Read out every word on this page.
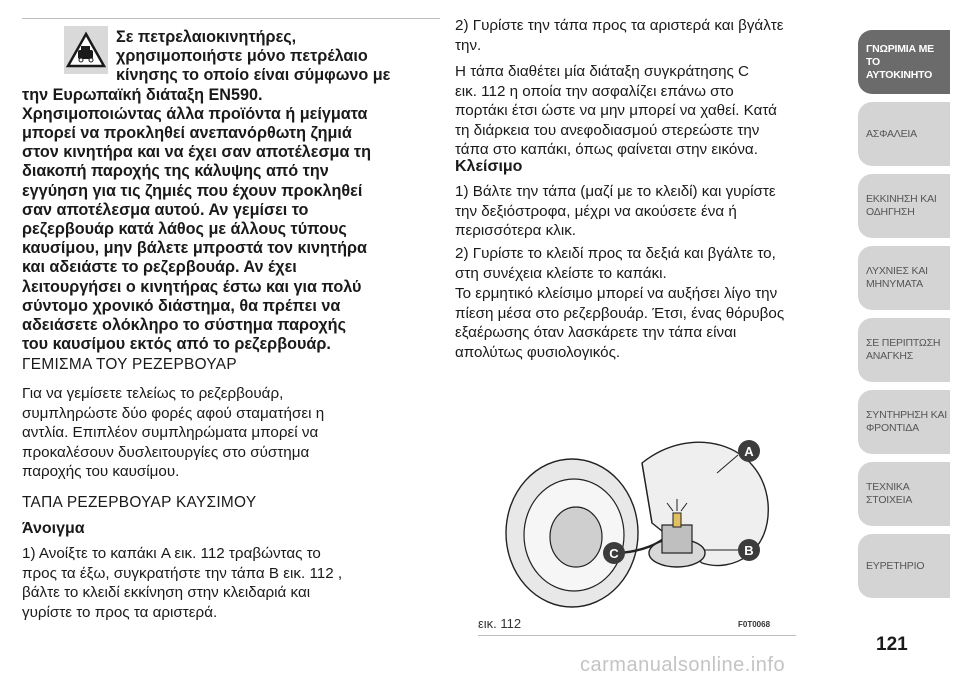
Σε πετρελαιοκινητήρες,
χρησιμοποιήστε μόνο πετρέλαιο
κίνησης το οποίο είναι σύμφωνο με
την Ευρωπαϊκή διάταξη EN590.
Χρησιμοποιώντας άλλα προϊόντα ή μείγματα
μπορεί να προκληθεί ανεπανόρθωτη ζημιά
στον κινητήρα και να έχει σαν αποτέλεσμα τη
διακοπή παροχής της κάλυψης από την
εγγύηση για τις ζημιές που έχουν προκληθεί
σαν αποτέλεσμα αυτού. Αν γεμίσει το
ρεζερβουάρ κατά λάθος με άλλους τύπους
καυσίμου, μην βάλετε μπροστά τον κινητήρα
και αδειάστε το ρεζερβουάρ. Αν έχει
λειτουργήσει ο κινητήρας έστω και για πολύ
σύντομο χρονικό διάστημα, θα πρέπει να
αδειάσετε ολόκληρο το σύστημα παροχής
του καυσίμου εκτός από το ρεζερβουάρ.
ΓΕΜΙΣΜΑ ΤΟΥ ΡΕΖΕΡΒΟΥΑΡ
Για να γεμίσετε τελείως το ρεζερβουάρ,
συμπληρώστε δύο φορές αφού σταματήσει η
αντλία. Επιπλέον συμπληρώματα μπορεί να
προκαλέσουν δυσλειτουργίες στο σύστημα
παροχής του καυσίμου.
ΤΑΠΑ ΡΕΖΕΡΒΟΥΑΡ ΚΑΥΣΙΜΟΥ
Άνοιγμα
1) Ανοίξτε το καπάκι A εικ. 112 τραβώντας το
προς τα έξω, συγκρατήστε την τάπα B εικ. 112 ,
βάλτε το κλειδί εκκίνηση στην κλειδαριά και
γυρίστε το προς τα αριστερά.
2) Γυρίστε την τάπα προς τα αριστερά και βγάλτε
την.
Η τάπα διαθέτει μία διάταξη συγκράτησης C
εικ. 112 η οποία την ασφαλίζει επάνω στο
πορτάκι έτσι ώστε να μην μπορεί να χαθεί. Κατά
τη διάρκεια του ανεφοδιασμού στερεώστε την
τάπα στο καπάκι, όπως φαίνεται στην εικόνα.
Κλείσιμο
1) Βάλτε την τάπα (μαζί με το κλειδί) και γυρίστε
την δεξιόστροφα, μέχρι να ακούσετε ένα ή
περισσότερα κλικ.
2) Γυρίστε το κλειδί προς τα δεξιά και βγάλτε το,
στη συνέχεια κλείστε το καπάκι.
Το ερμητικό κλείσιμο μπορεί να αυξήσει λίγο την
πίεση μέσα στο ρεζερβουάρ. Έτσι, ένας θόρυβος
εξαέρωσης όταν λασκάρετε την τάπα είναι
απολύτως φυσιολογικός.
A
B
C
εικ. 112	F0T0068
ΓΝΩΡΙΜΙΑ ΜΕ ΤΟ
ΑΥΤΟΚΙΝΗΤΟ
ΑΣΦΑΛΕΙΑ
ΕΚΚΙΝΗΣΗ ΚΑΙ
ΟΔΗΓΗΣΗ
ΛΥΧΝΙΕΣ ΚΑΙ
ΜΗΝΥΜΑΤΑ
ΣΕ ΠΕΡΙΠΤΩΣΗ
ΑΝΑΓΚΗΣ
ΣΥΝΤΗΡΗΣΗ ΚΑΙ
ΦΡΟΝΤΙΔΑ
ΤΕΧΝΙΚΑ ΣΤΟΙΧΕΙΑ
ΕΥΡΕΤΗΡΙΟ
121
carmanualsonline.info
